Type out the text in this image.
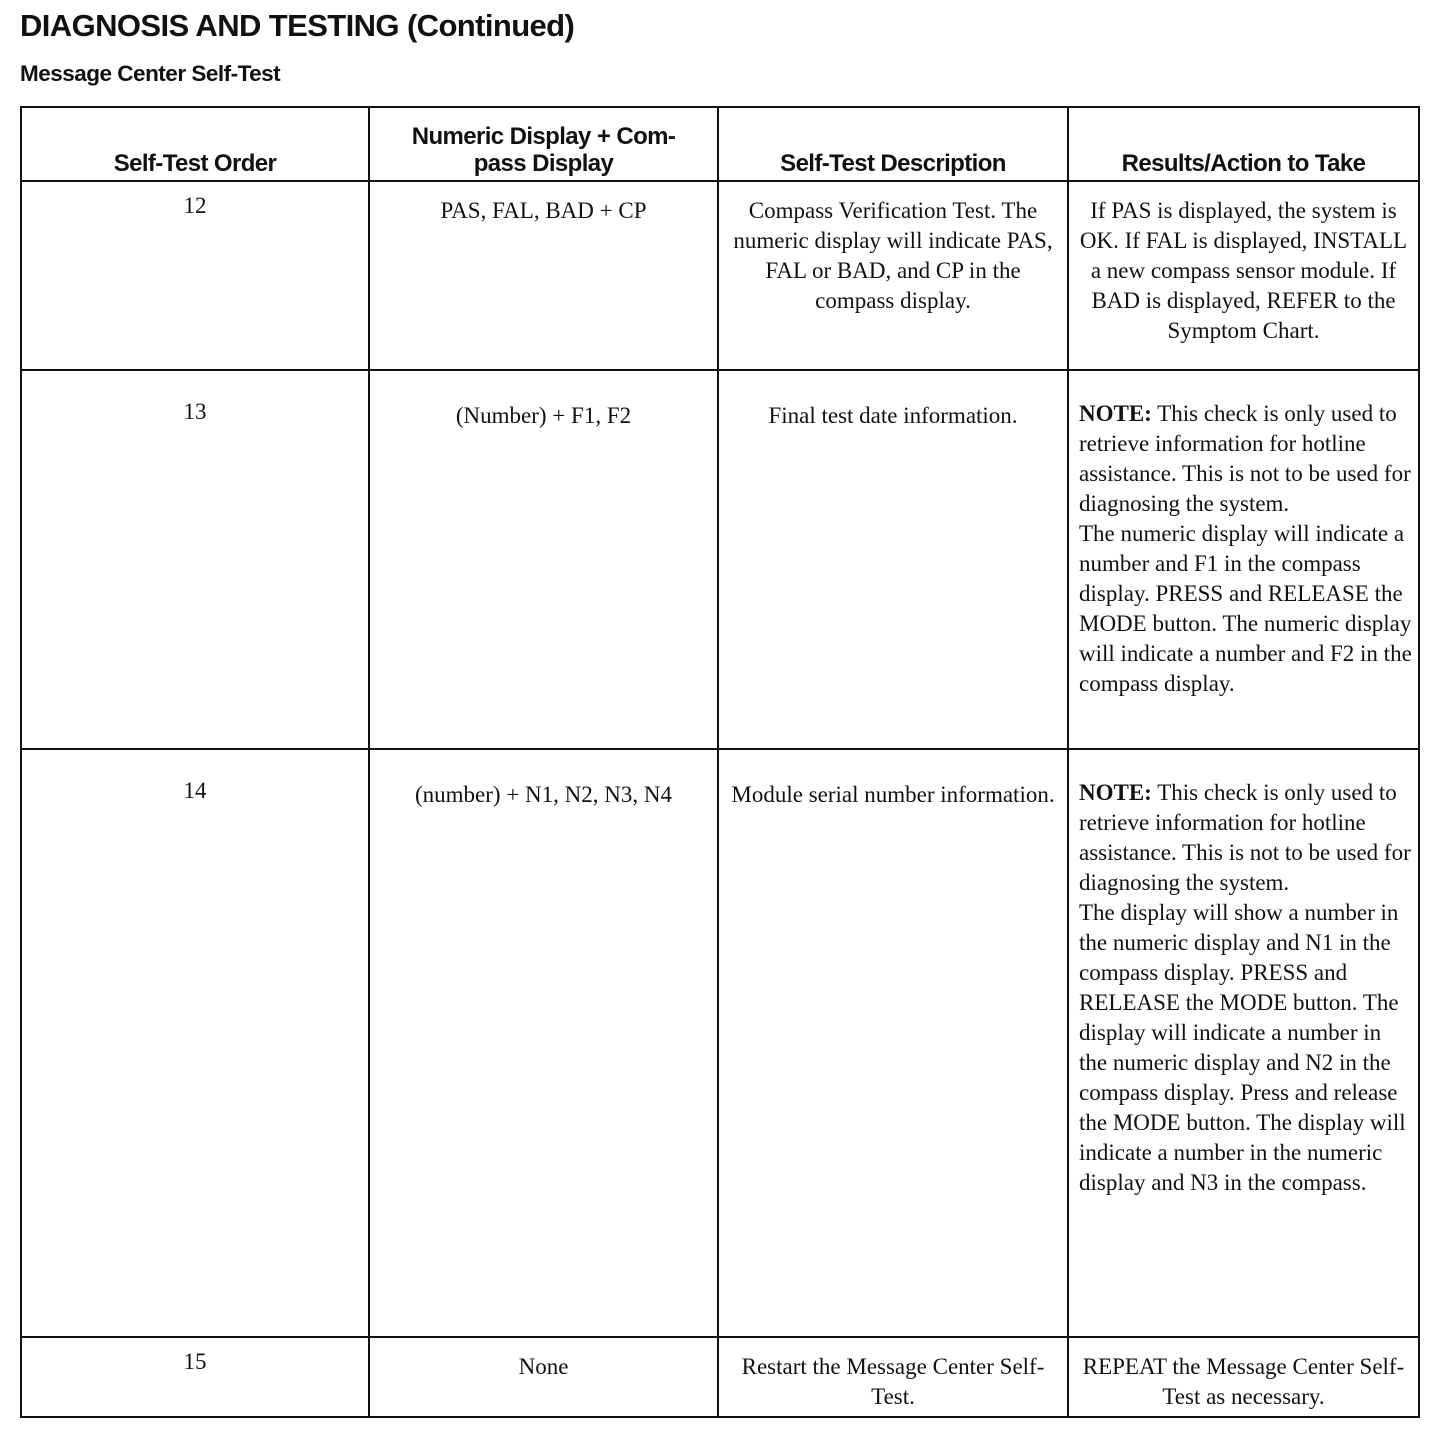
DIAGNOSIS AND TESTING (Continued)
Message Center Self-Test
Self-Test Order	Numeric Display + Com-pass Display	Self-Test Description	Results/Action to Take

12	PAS, FAL, BAD + CP	Compass Verification Test. The numeric display will indicate PAS, FAL or BAD, and CP in the compass display.	If PAS is displayed, the system is OK. If FAL is displayed, INSTALL a new compass sensor module. If BAD is displayed, REFER to the Symptom Chart.

13	(Number) + F1, F2	Final test date information.	NOTE: This check is only used to retrieve information for hotline assistance. This is not to be used for diagnosing the system.
The numeric display will indicate a number and F1 in the compass display. PRESS and RELEASE the MODE button. The numeric display will indicate a number and F2 in the compass display.

14	(number) + N1, N2, N3, N4	Module serial number information.	NOTE: This check is only used to retrieve information for hotline assistance. This is not to be used for diagnosing the system.
The display will show a number in the numeric display and N1 in the compass display. PRESS and RELEASE the MODE button. The display will indicate a number in the numeric display and N2 in the compass display. Press and release the MODE button. The display will indicate a number in the numeric display and N3 in the compass.

15	None	Restart the Message Center Self-Test.	REPEAT the Message Center Self-Test as necessary.
